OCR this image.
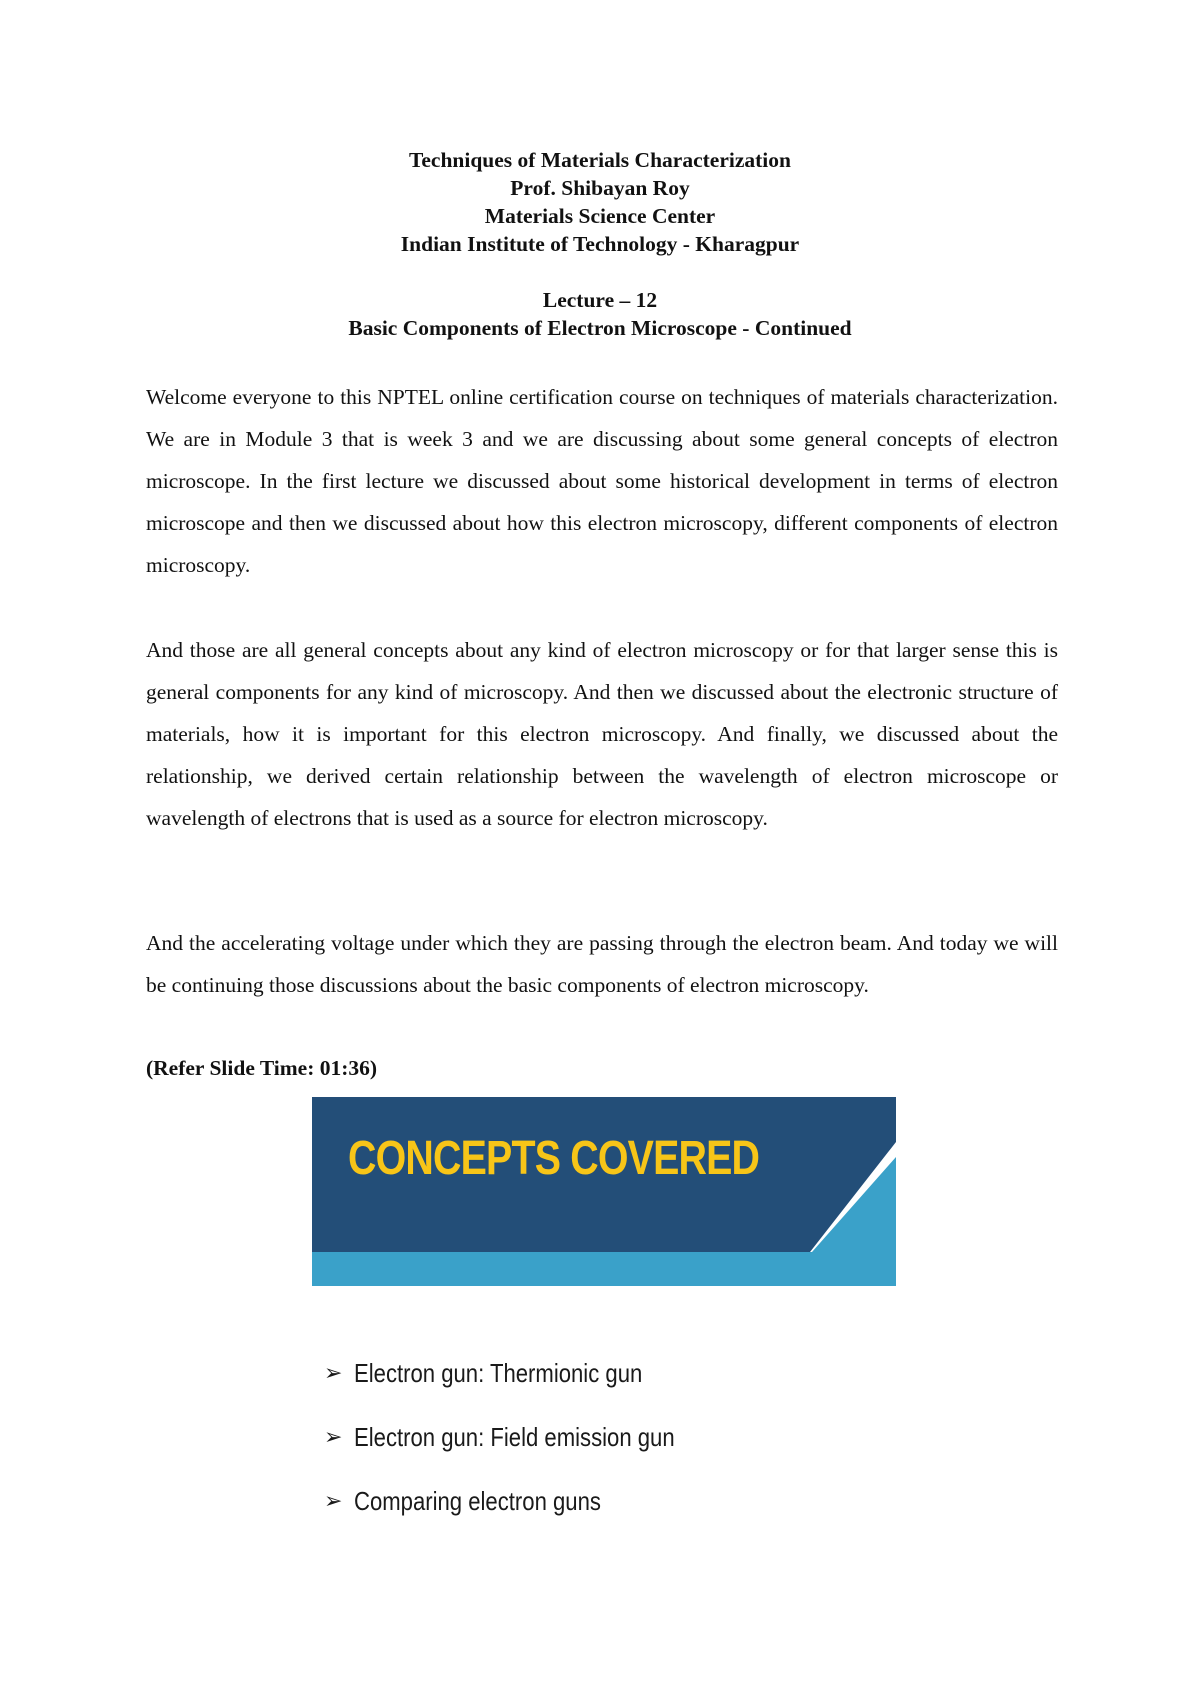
Techniques of Materials Characterization
Prof. Shibayan Roy
Materials Science Center
Indian Institute of Technology - Kharagpur
Lecture – 12
Basic Components of Electron Microscope - Continued
Welcome everyone to this NPTEL online certification course on techniques of materials characterization. We are in Module 3 that is week 3 and we are discussing about some general concepts of electron microscope. In the first lecture we discussed about some historical development in terms of electron microscope and then we discussed about how this electron microscopy, different components of electron microscopy.
And those are all general concepts about any kind of electron microscopy or for that larger sense this is general components for any kind of microscopy. And then we discussed about the electronic structure of materials, how it is important for this electron microscopy. And finally, we discussed about the relationship, we derived certain relationship between the wavelength of electron microscope or wavelength of electrons that is used as a source for electron microscopy.
And the accelerating voltage under which they are passing through the electron beam. And today we will be continuing those discussions about the basic components of electron microscopy.
(Refer Slide Time: 01:36)
CONCEPTS COVERED
➢ Electron gun: Thermionic gun
➢ Electron gun: Field emission gun
➢ Comparing electron guns
